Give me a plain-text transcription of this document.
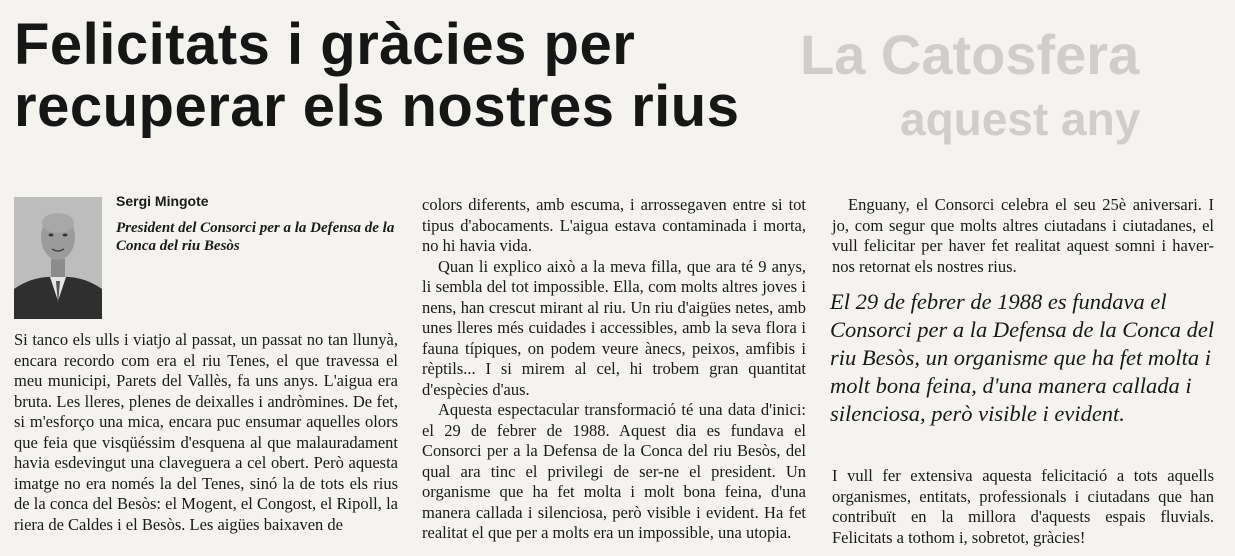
La Catosfera
aquest any
Felicitats i gràcies per
recuperar els nostres rius
Sergi Mingote
President del Consorci per a la Defensa de la Conca del riu Besòs

Si tanco els ulls i viatjo al passat, un passat no tan llunyà, encara recordo com era el riu Tenes, el que travessa el meu municipi, Parets del Vallès, fa uns anys. L'aigua era bruta. Les lleres, plenes de deixalles i andròmines. De fet, si m'esforço una mica, encara puc ensumar aquelles olors que feia que visqüéssim d'esquena al que malauradament havia esdevingut una claveguera a cel obert. Però aquesta imatge no era només la del Tenes, sinó la de tots els rius de la conca del Besòs: el Mogent, el Congost, el Ripoll, la riera de Caldes i el Besòs. Les aigües baixaven de

colors diferents, amb escuma, i arrossegaven entre si tot tipus d'abocaments. L'aigua estava contaminada i morta, no hi havia vida.

Quan li explico això a la meva filla, que ara té 9 anys, li sembla del tot impossible. Ella, com molts altres joves i nens, han crescut mirant al riu. Un riu d'aigües netes, amb unes lleres més cuidades i accessibles, amb la seva flora i fauna típiques, on podem veure ànecs, peixos, amfibis i rèptils... I si mirem al cel, hi trobem gran quantitat d'espècies d'aus.

Aquesta espectacular transformació té una data d'inici: el 29 de febrer de 1988. Aquest dia es fundava el Consorci per a la Defensa de la Conca del riu Besòs, del qual ara tinc el privilegi de ser-ne el president. Un organisme que ha fet molta i molt bona feina, d'una manera callada i silenciosa, però visible i evident. Ha fet realitat el que per a molts era un impossible, una utopia.

Enguany, el Consorci celebra el seu 25è aniversari. I jo, com segur que molts altres ciutadans i ciutadanes, el vull felicitar per haver fet realitat aquest somni i haver-nos retornat els nostres rius.

El 29 de febrer de 1988 es fundava el Consorci per a la Defensa de la Conca del riu Besòs, un organisme que ha fet molta i molt bona feina, d'una manera callada i silenciosa, però visible i evident.

I vull fer extensiva aquesta felicitació a tots aquells organismes, entitats, professionals i ciutadans que han contribuït en la millora d'aquests espais fluvials. Felicitats a tothom i, sobretot, gràcies!
